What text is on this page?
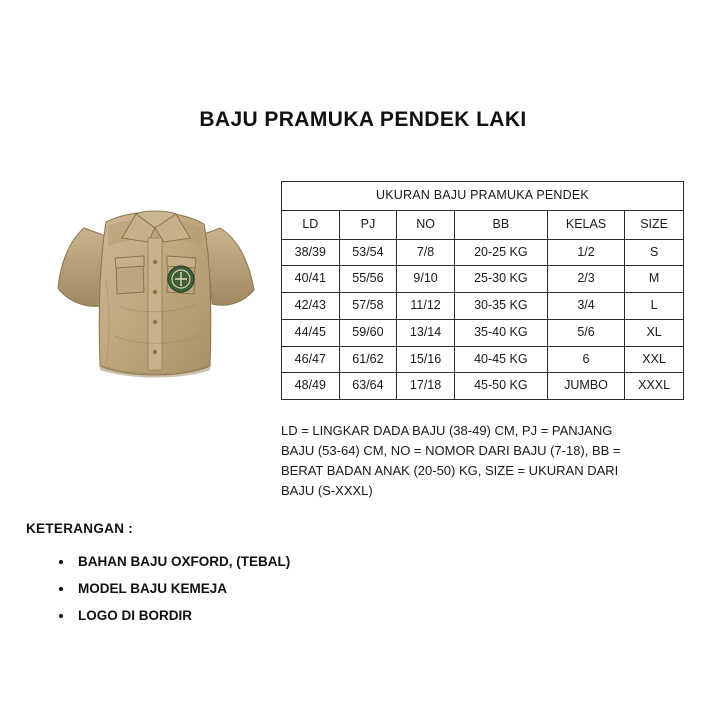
BAJU PRAMUKA PENDEK LAKI
UKURAN BAJU PRAMUKA PENDEK					
LD	PJ	NO	BB	KELAS	SIZE
38/39	53/54	7/8	20-25 KG	1/2	S
40/41	55/56	9/10	25-30 KG	2/3	M
42/43	57/58	11/12	30-35 KG	3/4	L
44/45	59/60	13/14	35-40 KG	5/6	XL
46/47	61/62	15/16	40-45 KG	6	XXL
48/49	63/64	17/18	45-50 KG	JUMBO	XXXL
LD = LINGKAR DADA BAJU (38-49) CM, PJ = PANJANG BAJU (53-64) CM, NO = NOMOR DARI BAJU (7-18), BB = BERAT BADAN ANAK (20-50) KG, SIZE = UKURAN DARI BAJU (S-XXXL)
KETERANGAN :
• BAHAN BAJU OXFORD, (TEBAL)
• MODEL BAJU KEMEJA
• LOGO DI BORDIR
